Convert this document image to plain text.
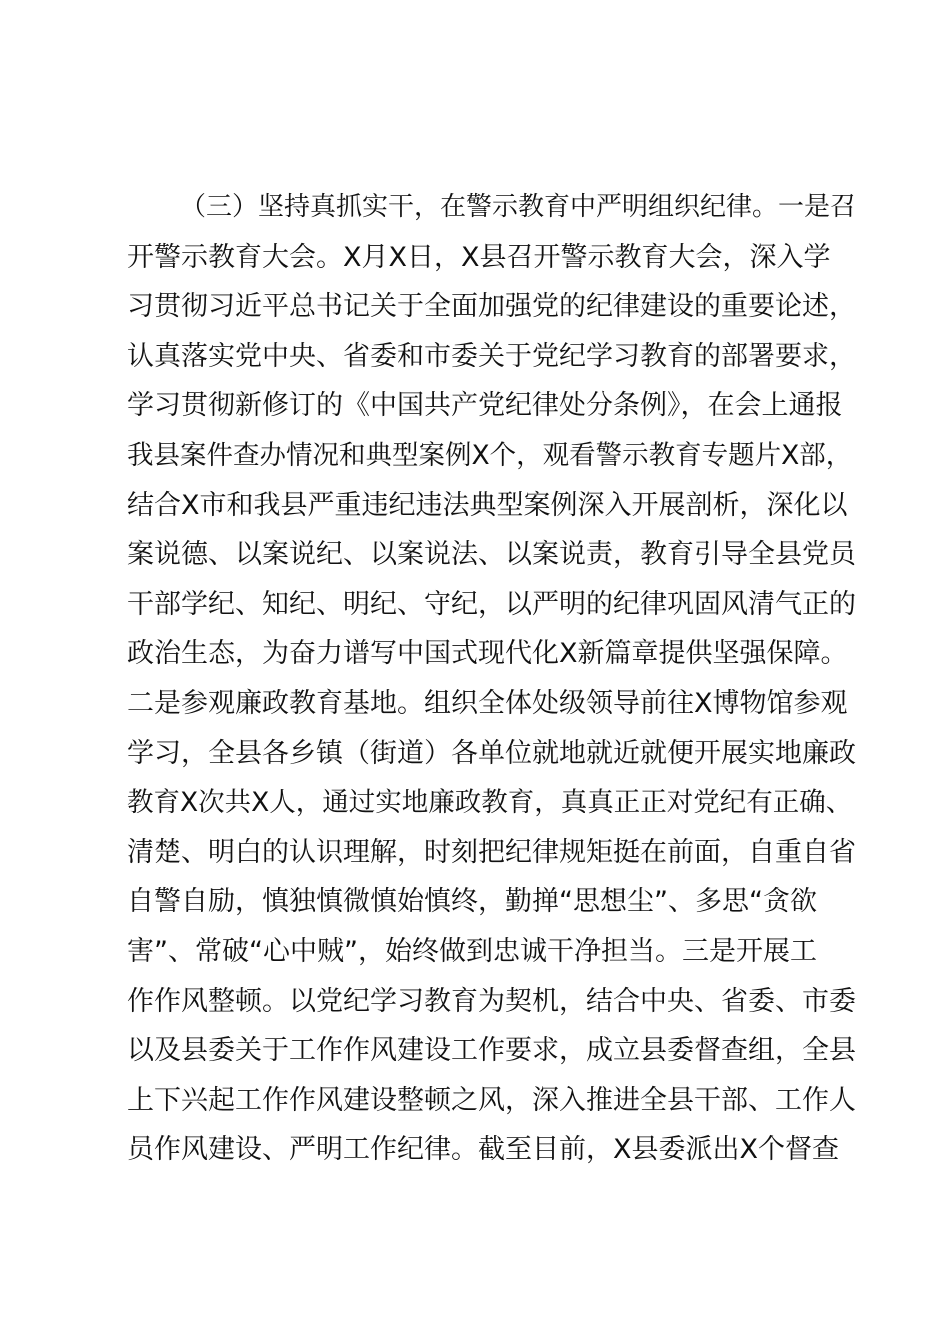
（三）坚持真抓实干，在警示教育中严明组织纪律。一是召
开警示教育大会。X月X日，X县召开警示教育大会，深入学
习贯彻习近平总书记关于全面加强党的纪律建设的重要论述，
认真落实党中央、省委和市委关于党纪学习教育的部署要求，
学习贯彻新修订的《中国共产党纪律处分条例》，在会上通报
我县案件查办情况和典型案例X个，观看警示教育专题片X部，
结合X市和我县严重违纪违法典型案例深入开展剖析，深化以
案说德、以案说纪、以案说法、以案说责，教育引导全县党员
干部学纪、知纪、明纪、守纪，以严明的纪律巩固风清气正的
政治生态，为奋力谱写中国式现代化X新篇章提供坚强保障。
二是参观廉政教育基地。组织全体处级领导前往X博物馆参观
学习，全县各乡镇（街道）各单位就地就近就便开展实地廉政
教育X次共X人，通过实地廉政教育，真真正正对党纪有正确、
清楚、明白的认识理解，时刻把纪律规矩挺在前面，自重自省
自警自励，慎独慎微慎始慎终，勤掸“思想尘”、多思“贪欲
害”、常破“心中贼”，始终做到忠诚干净担当。三是开展工
作作风整顿。以党纪学习教育为契机，结合中央、省委、市委
以及县委关于工作作风建设工作要求，成立县委督查组，全县
上下兴起工作作风建设整顿之风，深入推进全县干部、工作人
员作风建设、严明工作纪律。截至目前，X县委派出X个督查
